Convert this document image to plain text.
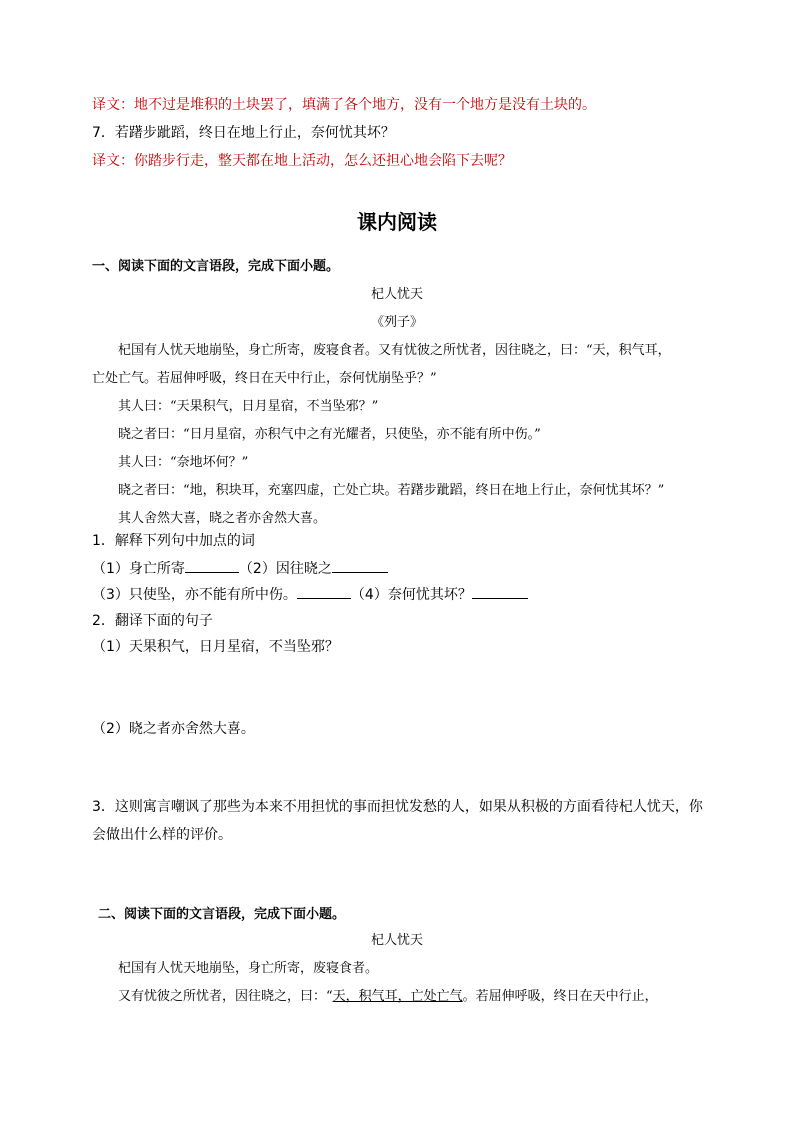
译文：地不过是堆积的土块罢了，填满了各个地方，没有一个地方是没有土块的。
7．若躇步跐蹈，终日在地上行止，奈何忧其坏？
译文：你踏步行走，整天都在地上活动，怎么还担心地会陷下去呢？
课内阅读
一、阅读下面的文言语段，完成下面小题。
杞人忧天
《列子》
杞国有人忧天地崩坠，身亡所寄，废寝食者。又有忧彼之所忧者，因往晓之，曰：“天，积气耳，
亡处亡气。若屈伸呼吸，终日在天中行止，奈何忧崩坠乎？”
其人曰：“天果积气，日月星宿，不当坠邪？”
晓之者曰：“日月星宿，亦积气中之有光耀者，只使坠，亦不能有所中伤。”
其人曰：“奈地坏何？”
晓之者曰：“地，积块耳，充塞四虚，亡处亡块。若躇步跐蹈，终日在地上行止，奈何忧其坏？”
其人舍然大喜，晓之者亦舍然大喜。
1．解释下列句中加点的词
（1）身亡所寄	（2）因往晓之
（3）只使坠，亦不能有所中伤。	（4）奈何忧其坏？
2．翻译下面的句子
（1）天果积气，日月星宿，不当坠邪？
（2）晓之者亦舍然大喜。
3．这则寓言嘲讽了那些为本来不用担忧的事而担忧发愁的人，如果从积极的方面看待杞人忧天，你
会做出什么样的评价。
二、阅读下面的文言语段，完成下面小题。
杞人忧天
杞国有人忧天地崩坠，身亡所寄，废寝食者。
又有忧彼之所忧者，因往晓之，曰：“天，积气耳，亡处亡气。若屈伸呼吸，终日在天中行止，
